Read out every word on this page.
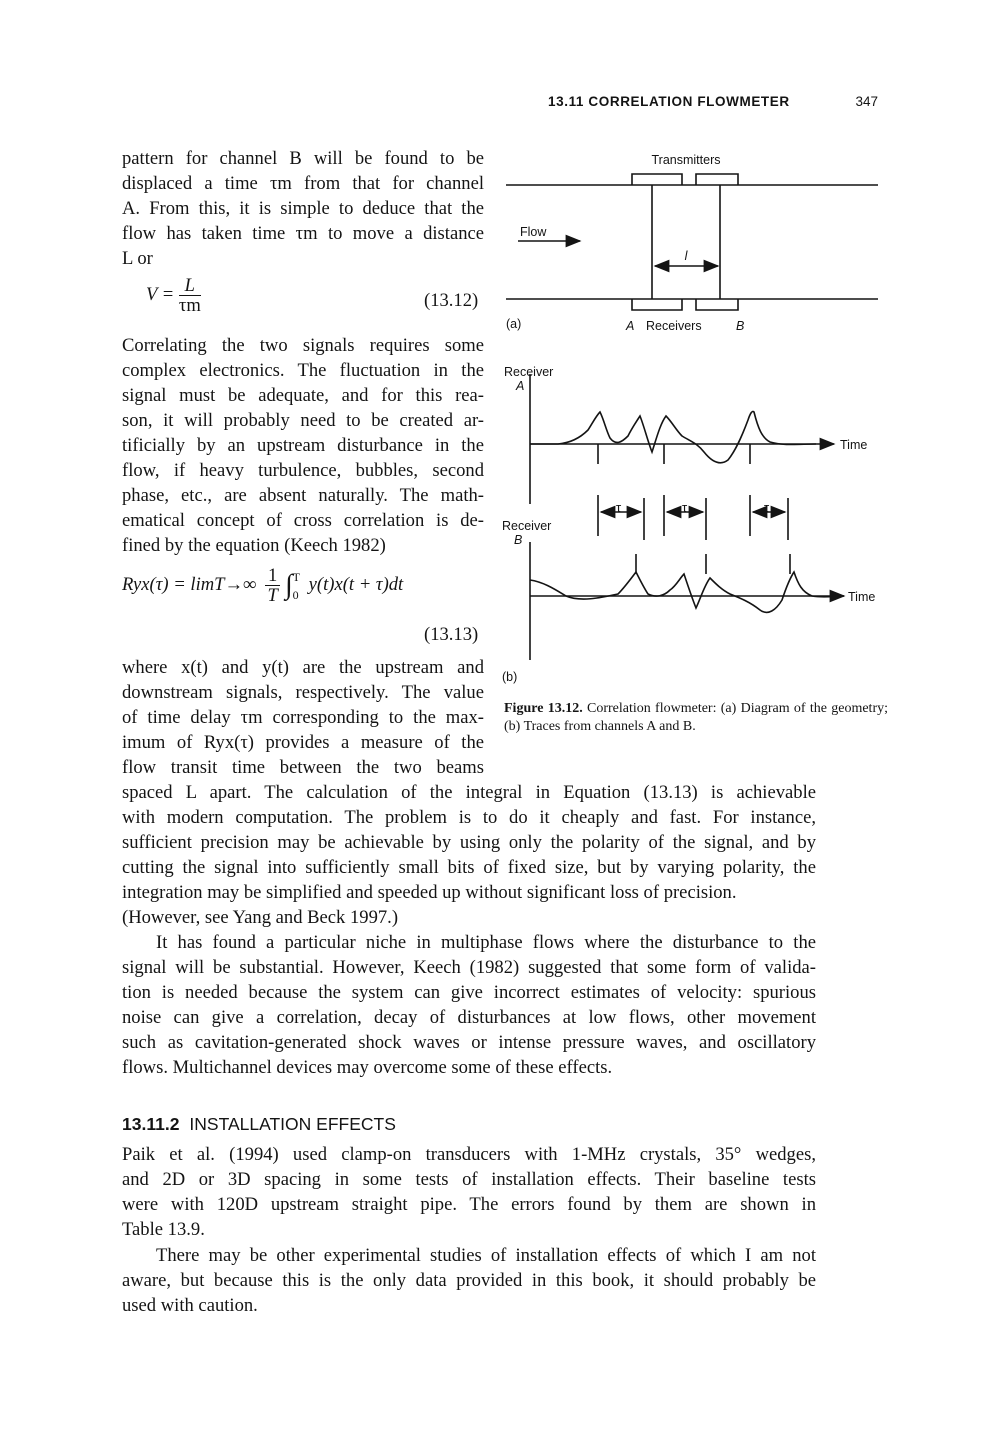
13.11 CORRELATION FLOWMETER	347
pattern for channel B will be found to be
displaced a time τm from that for channel
A. From this, it is simple to deduce that the
flow has taken time τm to move a distance
L or
$V = \frac{L}{\tau m}$	(13.12)
Correlating the two signals requires some
complex electronics. The fluctuation in the
signal must be adequate, and for this rea-
son, it will probably need to be created ar-
tificially by an upstream disturbance in the
flow, if heavy turbulence, bubbles, second
phase, etc., are absent naturally. The math-
ematical concept of cross correlation is de-
fined by the equation (Keech 1982)
$Ryx(\tau) = \lim T\to\infty \frac{1}{T}$ ∫ T
0 y(t)x(t + τ)dt
(13.13)
where x(t) and y(t) are the upstream and
downstream signals, respectively. The value
of time delay τm corresponding to the max-
imum of Ryx(τ) provides a measure of the
flow transit time between the two beams
Transmitters
Flow
l
(a)	A Receivers	B
Receiver
A
Time
τ	τ	τ
Receiver
B
Time
(b)
Figure 13.12. Correlation flowmeter: (a) Diagram of the geometry; (b) Traces from channels A and B.
spaced L apart. The calculation of the integral in Equation (13.13) is achievable
with modern computation. The problem is to do it cheaply and fast. For instance,
sufficient precision may be achievable by using only the polarity of the signal, and by
cutting the signal into sufficiently small bits of fixed size, but by varying polarity, the
integration may be simplified and speeded up without significant loss of precision.
(However, see Yang and Beck 1997.)
It has found a particular niche in multiphase flows where the disturbance to the
signal will be substantial. However, Keech (1982) suggested that some form of valida-
tion is needed because the system can give incorrect estimates of velocity: spurious
noise can give a correlation, decay of disturbances at low flows, other movement
such as cavitation-generated shock waves or intense pressure waves, and oscillatory
flows. Multichannel devices may overcome some of these effects.
13.11.2 INSTALLATION EFFECTS
Paik et al. (1994) used clamp-on transducers with 1-MHz crystals, 35° wedges,
and 2D or 3D spacing in some tests of installation effects. Their baseline tests
were with 120D upstream straight pipe. The errors found by them are shown in
Table 13.9.
There may be other experimental studies of installation effects of which I am not
aware, but because this is the only data provided in this book, it should probably be
used with caution.
